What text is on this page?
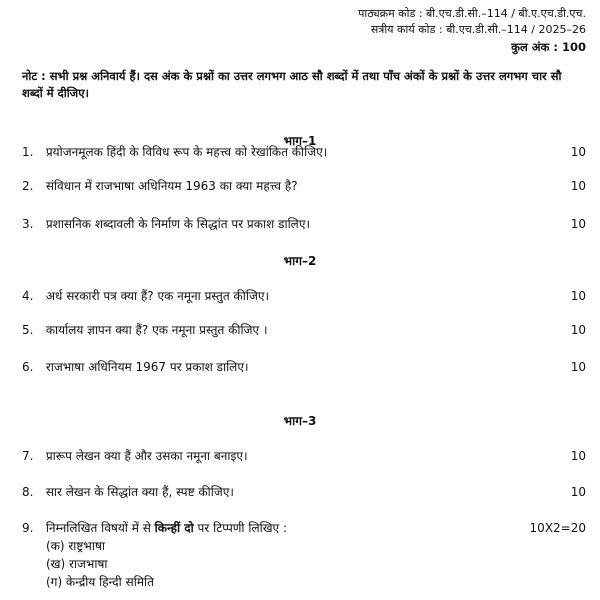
पाठ्यक्रम कोड : बी.एच.डी.सी.–114 / बी.ए.एच.डी.एच.
सत्रीय कार्य कोड : बी.एच.डी.सी.–114 / 2025–26
कुल अंक : 100
नोट : सभी प्रश्न अनिवार्य हैं। दस अंक के प्रश्नों का उत्तर लगभग आठ सौ शब्दों में तथा पाँच अंकों के प्रश्नों के उत्तर लगभग चार सौ शब्दों में दीजिए।
भाग–1
1. प्रयोजनमूलक हिंदी के विविध रूप के महत्त्व को रेखांकित कीजिए।	10
2. संविधान में राजभाषा अधिनियम 1963 का क्या महत्त्व है?	10
3. प्रशासनिक शब्दावली के निर्माण के सिद्धांत पर प्रकाश डालिए।	10
भाग–2
4. अर्ध सरकारी पत्र क्या हैं? एक नमूना प्रस्तुत कीजिए।	10
5. कार्यालय ज्ञापन क्या हैं? एक नमूना प्रस्तुत कीजिए ।	10
6. राजभाषा अधिनियम 1967 पर प्रकाश डालिए।	10
भाग–3
7. प्रारूप लेखन क्या हैं और उसका नमूना बनाइए।	10
8. सार लेखन के सिद्धांत क्या हैं, स्पष्ट कीजिए।	10
9. निम्नलिखित विषयों में से किन्हीं दो पर टिप्पणी लिखिए :	10X2=20
(क) राष्ट्रभाषा
(ख) राजभाषा
(ग) केन्द्रीय हिन्दी समिति
